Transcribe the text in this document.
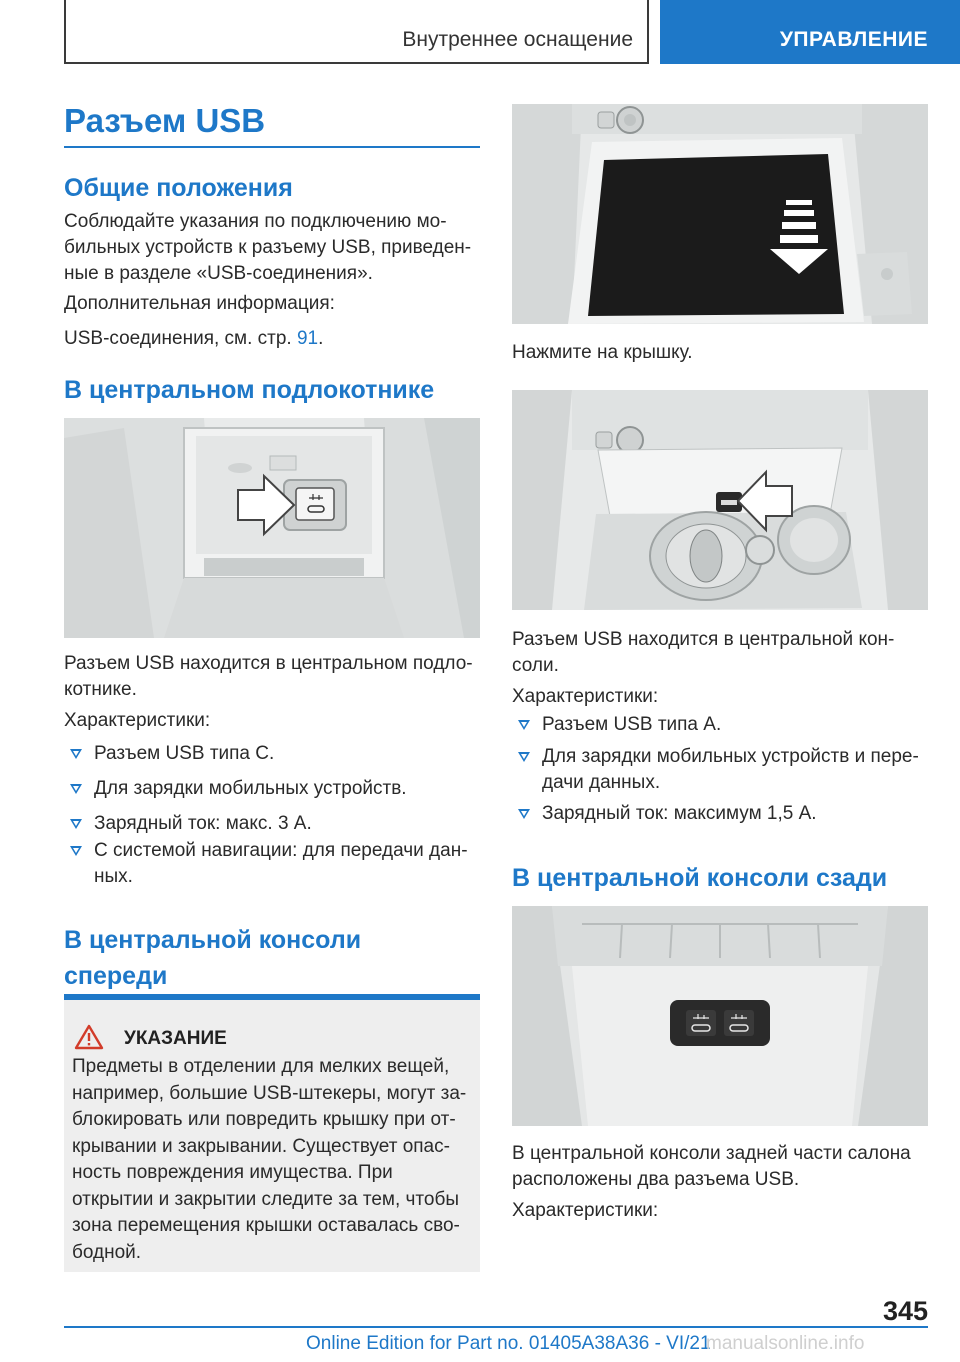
Внутреннее оснащение	УПРАВЛЕНИЕ
Разъем USB
Общие положения

Соблюдайте указания по подключению мо-бильных устройств к разъему USB, приведен-ные в разделе «USB-соединения».

Дополнительная информация:

USB-соединения, см. стр. 91.

В центральном подлокотнике

Разъем USB находится в центральном подло-котнике.

Характеристики:

Разъем USB типа C.
Для зарядки мобильных устройств.
Зарядный ток: макс. 3 А.
С системой навигации: для передачи дан-ных.
В центральной консоли спереди
УКАЗАНИЕ
Предметы в отделении для мелких вещей, например, большие USB-штекеры, могут за-блокировать или повредить крышку при от-крывании и закрывании. Существует опас-ность повреждения имущества. При открытии и закрытии следите за тем, чтобы зона перемещения крышки оставалась сво-бодной.

Нажмите на крышку.

Разъем USB находится в центральной кон-соли.

Характеристики:

Разъем USB типа A.
Для зарядки мобильных устройств и пере-дачи данных.
Зарядный ток: максимум 1,5 А.
В центральной консоли сзади

В центральной консоли задней части салона расположены два разъема USB.

Характеристики:

345
Online Edition for Part no. 01405A38A36 - VI/21
manualsonline.info
